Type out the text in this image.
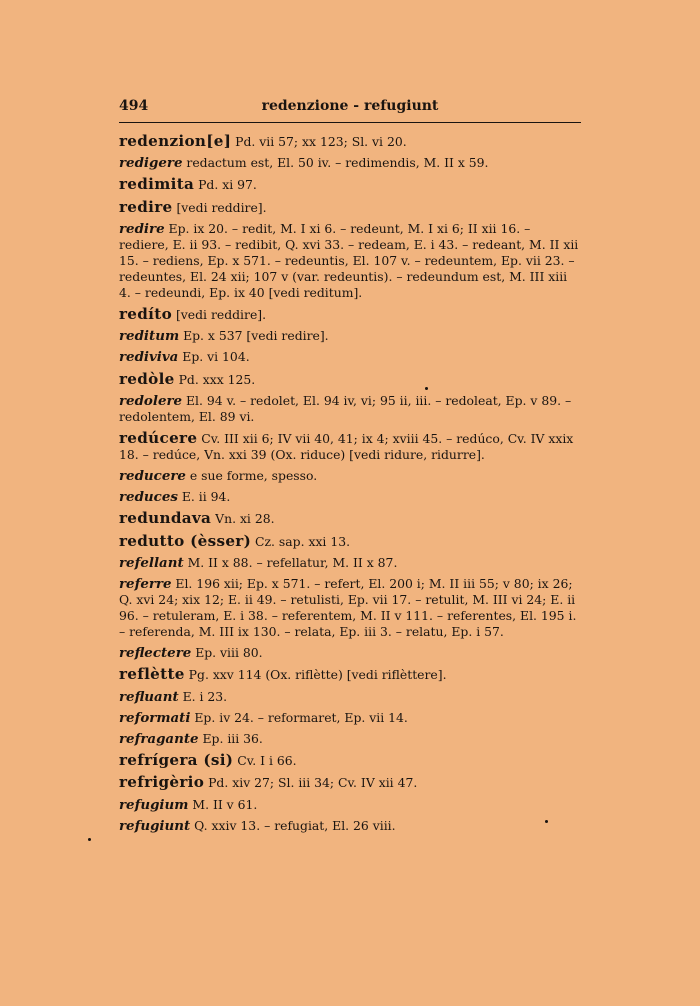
494	redenzione - refugiunt
redenzion[e] Pd. vii 57; xx 123; Sl. vi 20.
redigere redactum est, El. 50 iv. – redimendis, M. II x 59.
redimita Pd. xi 97.
redire [vedi reddire].
redire Ep. ix 20. – redit, M. I xi 6. – redeunt, M. I xi 6; II xii 16. – rediere, E. ii 93. – redibit, Q. xvi 33. – redeam, E. i 43. – redeant, M. II xii 15. – rediens, Ep. x 571. – redeuntis, El. 107 v. – redeuntem, Ep. vii 23. – redeuntes, El. 24 xii; 107 v (var. redeuntis). – redeundum est, M. III xiii 4. – redeundi, Ep. ix 40 [vedi reditum].
redíto [vedi reddire].
reditum Ep. x 537 [vedi redire].
rediviva Ep. vi 104.
redòle Pd. xxx 125.
redolere El. 94 v. – redolet, El. 94 iv, vi; 95 ii, iii. – redoleat, Ep. v 89. – redolentem, El. 89 vi.
redúcere Cv. III xii 6; IV vii 40, 41; ix 4; xviii 45. – redúco, Cv. IV xxix 18. – redúce, Vn. xxi 39 (Ox. riduce) [vedi ridure, ridurre].
reducere e sue forme, spesso.
reduces E. ii 94.
redundava Vn. xi 28.
redutto (èsser) Cz. sap. xxi 13.
refellant M. II x 88. – refellatur, M. II x 87.
referre El. 196 xii; Ep. x 571. – refert, El. 200 i; M. II iii 55; v 80; ix 26; Q. xvi 24; xix 12; E. ii 49. – retulisti, Ep. vii 17. – retulit, M. III vi 24; E. ii 96. – retuleram, E. i 38. – referentem, M. II v 111. – referentes, El. 195 i. – referenda, M. III ix 130. – relata, Ep. iii 3. – relatu, Ep. i 57.
reflectere Ep. viii 80.
reflètte Pg. xxv 114 (Ox. riflètte) [vedi riflèttere].
refluant E. i 23.
reformati Ep. iv 24. – reformaret, Ep. vii 14.
refragante Ep. iii 36.
refrígera (si) Cv. I i 66.
refrigèrio Pd. xiv 27; Sl. iii 34; Cv. IV xii 47.
refugium M. II v 61.
refugiunt Q. xxiv 13. – refugiat, El. 26 viii.
